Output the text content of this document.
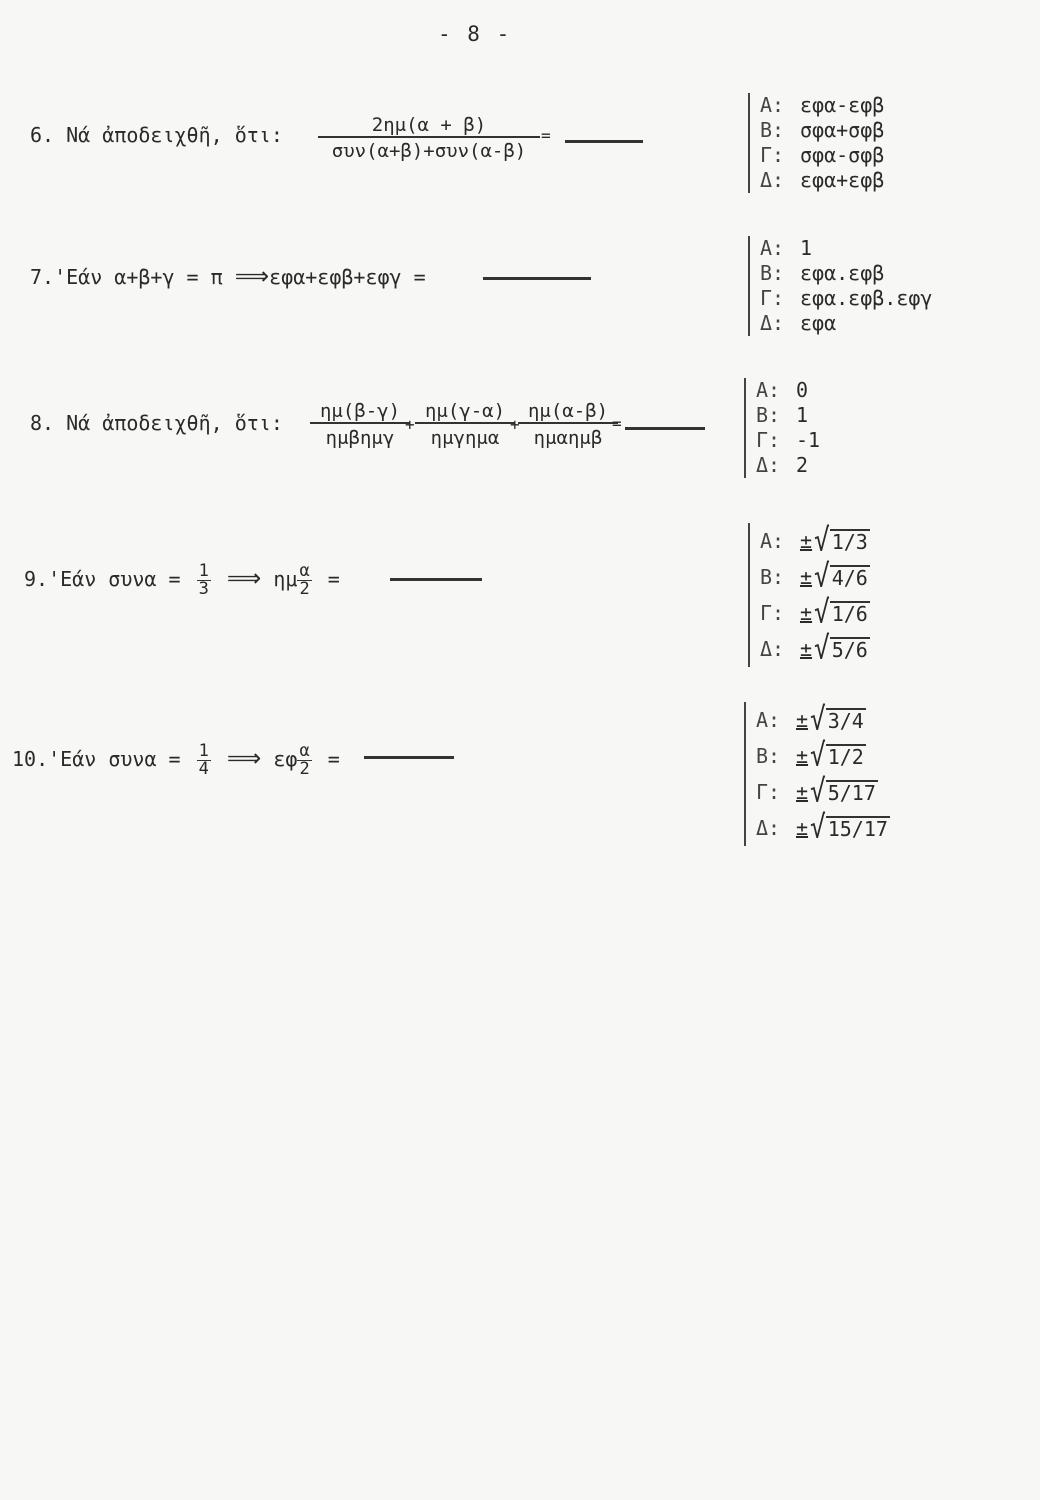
- 8 -
6. Νά ἀποδειχθῆ, ὅτι:	2ημ(α + β)
συν(α+β)+συν(α-β)
=
Α: εφα-εφβ
Β: σφα+σφβ
Γ: σφα-σφβ
Δ: εφα+εφβ
7.'Εάν α+β+γ = π ⟹εφα+εφβ+εφγ =
Α: 1
Β: εφα.εφβ
Γ: εφα.εφβ.εφγ
Δ: εφα
8. Νά ἀποδειχθῆ, ὅτι:	ημ(β-γ)
ημβημγ
+
ημ(γ-α)
ημγημα
+
ημ(α-β)
ημαημβ
=
Α: 0
Β: 1
Γ: -1
Δ: 2
9.'Εάν $\sigma\upsilon\nu\alpha = \frac{1}{3}$ ⟹ ημ $\frac{\alpha}{2}$ =
Α: ± √ 1/3
Β: ± √ 4/6
Γ: ± √ 1/6
Δ: ± √ 5/6
10.'Εάν $\sigma\upsilon\nu\alpha = \frac{1}{4}$ ⟹ εφ $\frac{\alpha}{2}$ =
Α: ± √ 3/4
Β: ± √ 1/2
Γ: ± √ 5/17
Δ: ± √ 15/17
